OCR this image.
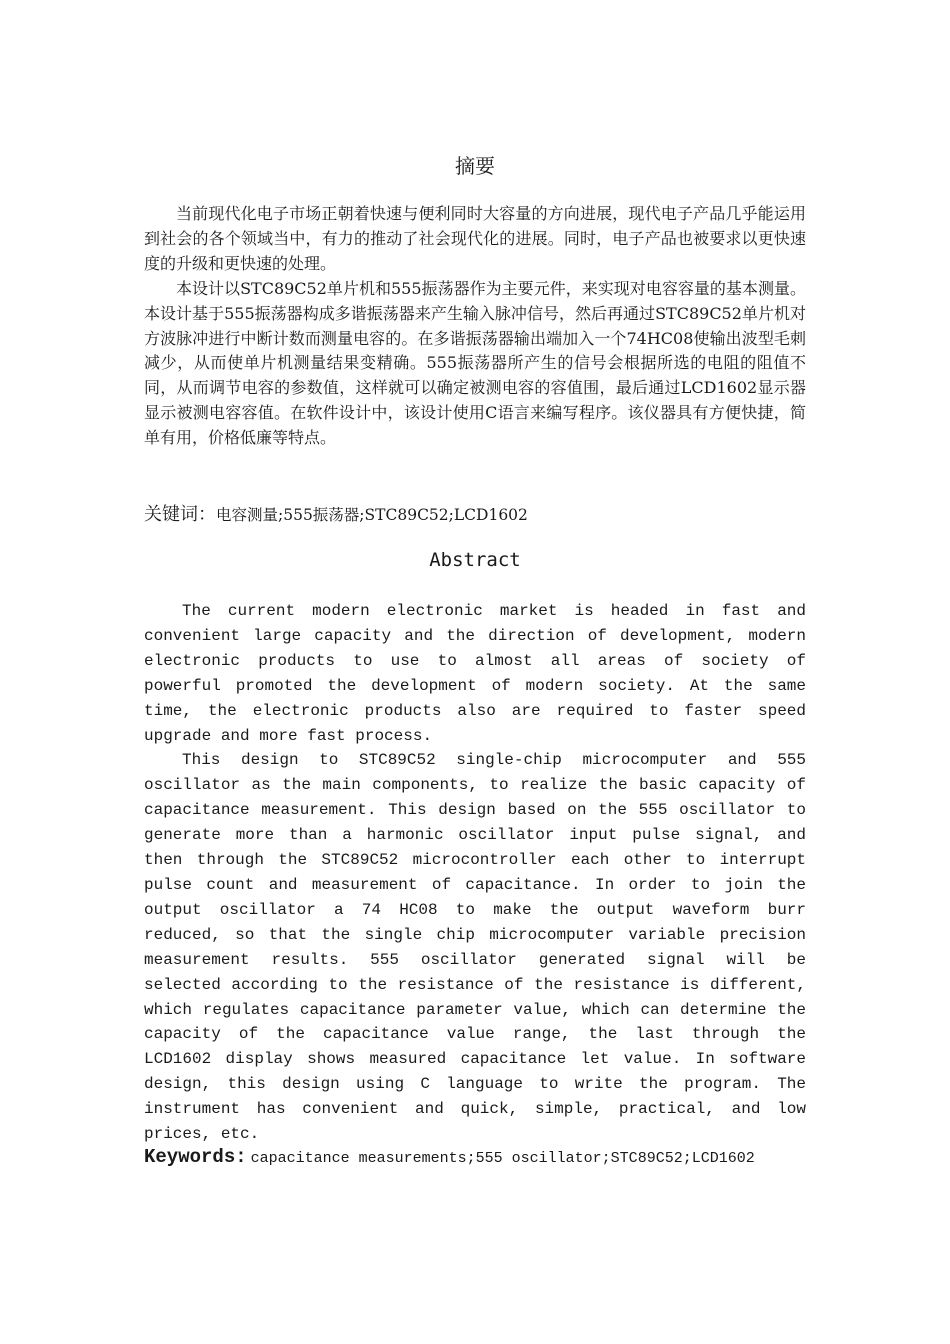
摘要

当前现代化电子市场正朝着快速与便利同时大容量的方向进展，现代电子产品几乎能运用到社会的各个领域当中，有力的推动了社会现代化的进展。同时，电子产品也被要求以更快速度的升级和更快速的处理。

本设计以STC89C52单片机和555振荡器作为主要元件，来实现对电容容量的基本测量。本设计基于555振荡器构成多谐振荡器来产生输入脉冲信号，然后再通过STC89C52单片机对方波脉冲进行中断计数而测量电容的。在多谐振荡器输出端加入一个74HC08使输出波型毛刺减少，从而使单片机测量结果变精确。555振荡器所产生的信号会根据所选的电阻的阻值不同，从而调节电容的参数值，这样就可以确定被测电容的容值围，最后通过LCD1602显示器显示被测电容容值。在软件设计中，该设计使用C语言来编写程序。该仪器具有方便快捷，简单有用，价格低廉等特点。

关键词：电容测量;555振荡器;STC89C52;LCD1602
Abstract

The current modern electronic market is headed in fast and convenient large capacity and the direction of development, modern electronic products to use to almost all areas of society of powerful promoted the development of modern society. At the same time, the electronic products also are required to faster speed upgrade and more fast process.

This design to STC89C52 single-chip microcomputer and 555 oscillator as the main components, to realize the basic capacity of capacitance measurement. This design based on the 555 oscillator to generate more than a harmonic oscillator input pulse signal, and then through the STC89C52 microcontroller each other to interrupt pulse count and measurement of capacitance. In order to join the output oscillator a 74 HC08 to make the output waveform burr reduced, so that the single chip microcomputer variable precision measurement results. 555 oscillator generated signal will be selected according to the resistance of the resistance is different, which regulates capacitance parameter value, which can determine the capacity of the capacitance value range, the last through the LCD1602 display shows measured capacitance let value. In software design, this design using C language to write the program. The instrument has convenient and quick, simple, practical, and low prices, etc.

Keywords: capacitance measurements;555 oscillator;STC89C52;LCD1602
